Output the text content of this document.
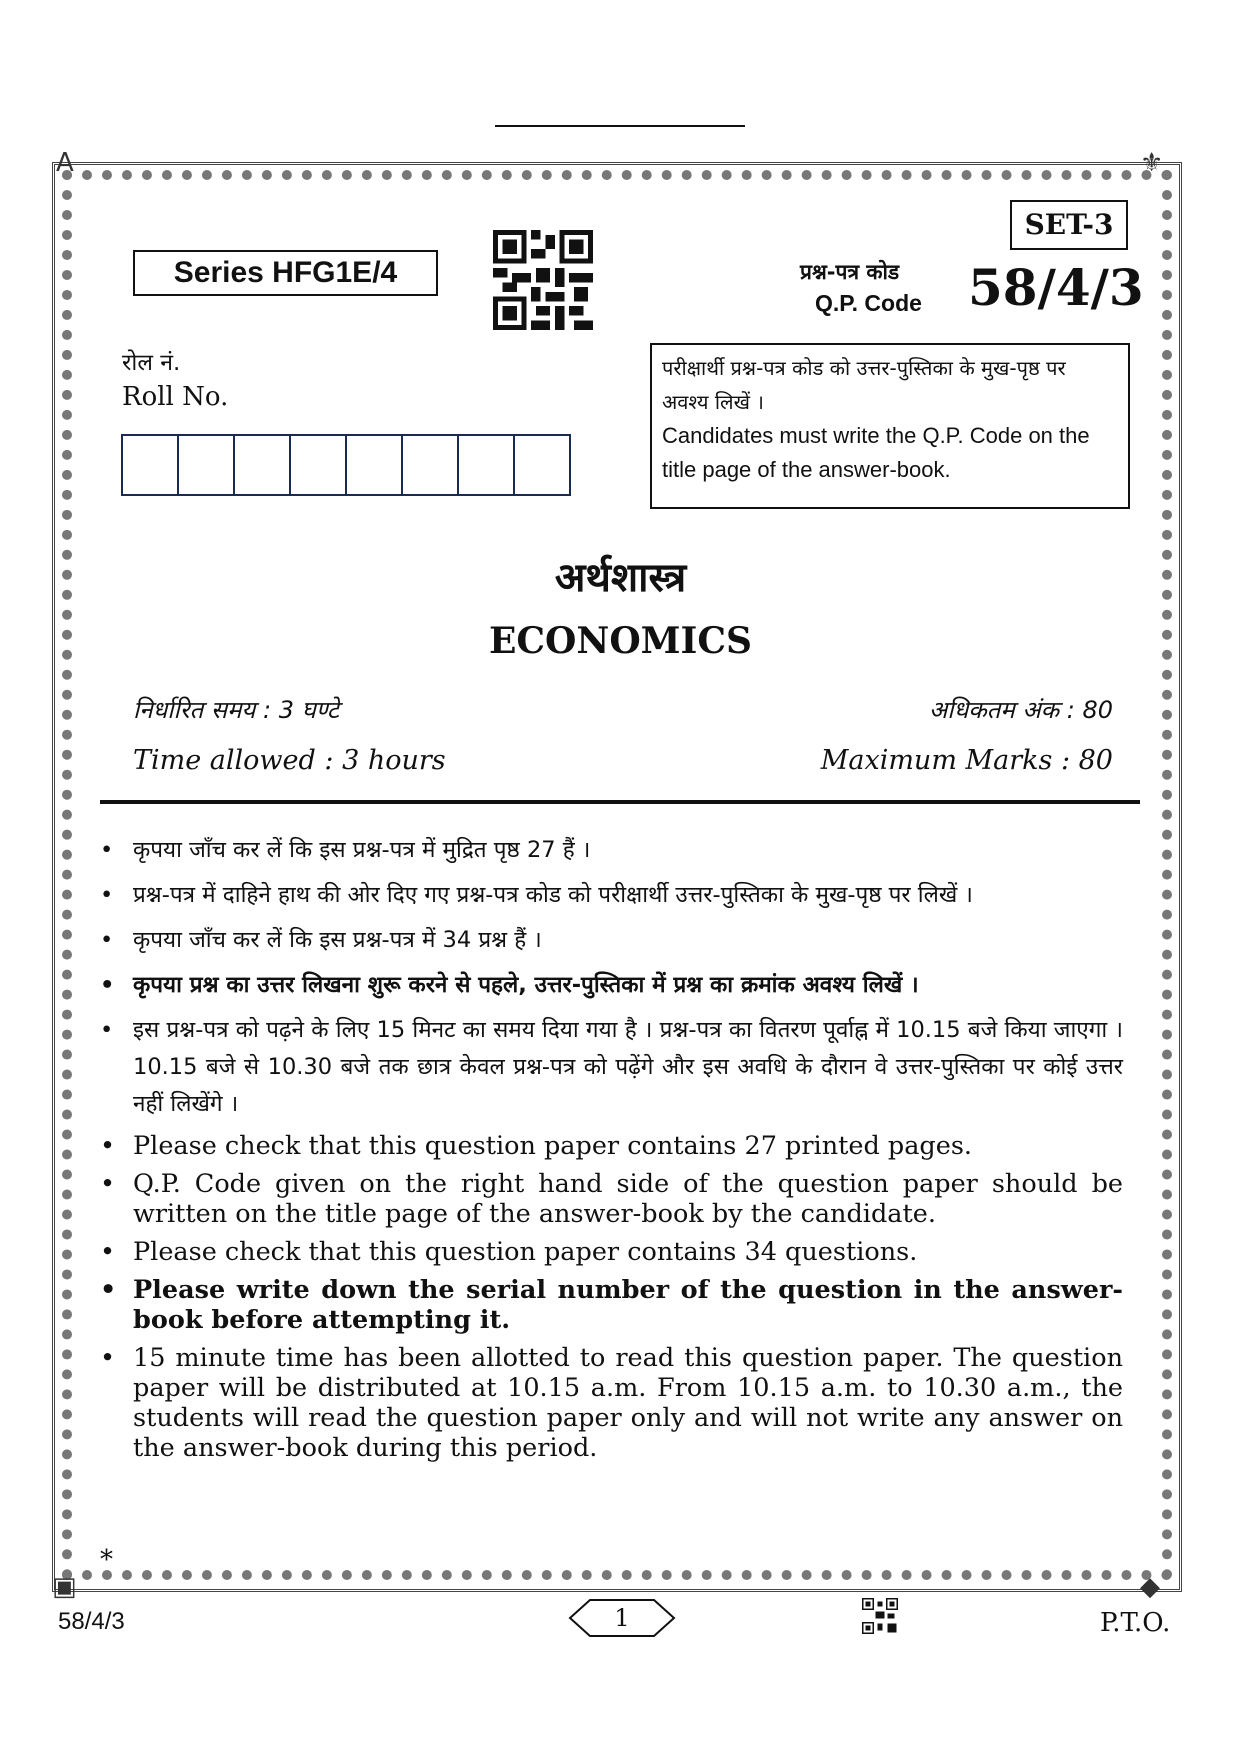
A	⚜
▣	◆
Series HFG1E/4
SET-3
प्रश्न-पत्र कोड
Q.P. Code 58/4/3
रोल नं.
Roll No.
परीक्षार्थी प्रश्न-पत्र कोड को उत्तर-पुस्तिका के मुख-पृष्ठ पर अवश्य लिखें ।
Candidates must write the Q.P. Code on the title page of the answer-book.
अर्थशास्त्र
ECONOMICS
निर्धारित समय : 3 घण्टे	अधिकतम अंक : 80
Time allowed : 3 hours	Maximum Marks : 80
• कृपया जाँच कर लें कि इस प्रश्न-पत्र में मुद्रित पृष्ठ 27 हैं ।
• प्रश्न-पत्र में दाहिने हाथ की ओर दिए गए प्रश्न-पत्र कोड को परीक्षार्थी उत्तर-पुस्तिका के मुख-पृष्ठ पर लिखें ।
• कृपया जाँच कर लें कि इस प्रश्न-पत्र में 34 प्रश्न हैं ।
• कृपया प्रश्न का उत्तर लिखना शुरू करने से पहले, उत्तर-पुस्तिका में प्रश्न का क्रमांक अवश्य लिखें ।
• इस प्रश्न-पत्र को पढ़ने के लिए 15 मिनट का समय दिया गया है । प्रश्न-पत्र का वितरण पूर्वाह्न में 10.15 बजे किया जाएगा । 10.15 बजे से 10.30 बजे तक छात्र केवल प्रश्न-पत्र को पढ़ेंगे और इस अवधि के दौरान वे उत्तर-पुस्तिका पर कोई उत्तर नहीं लिखेंगे ।
• Please check that this question paper contains 27 printed pages.
• Q.P. Code given on the right hand side of the question paper should be written on the title page of the answer-book by the candidate.
• Please check that this question paper contains 34 questions.
• Please write down the serial number of the question in the answer-book before attempting it.
• 15 minute time has been allotted to read this question paper. The question paper will be distributed at 10.15 a.m. From 10.15 a.m. to 10.30 a.m., the students will read the question paper only and will not write any answer on the answer-book during this period.
*
58/4/3	1	P.T.O.
